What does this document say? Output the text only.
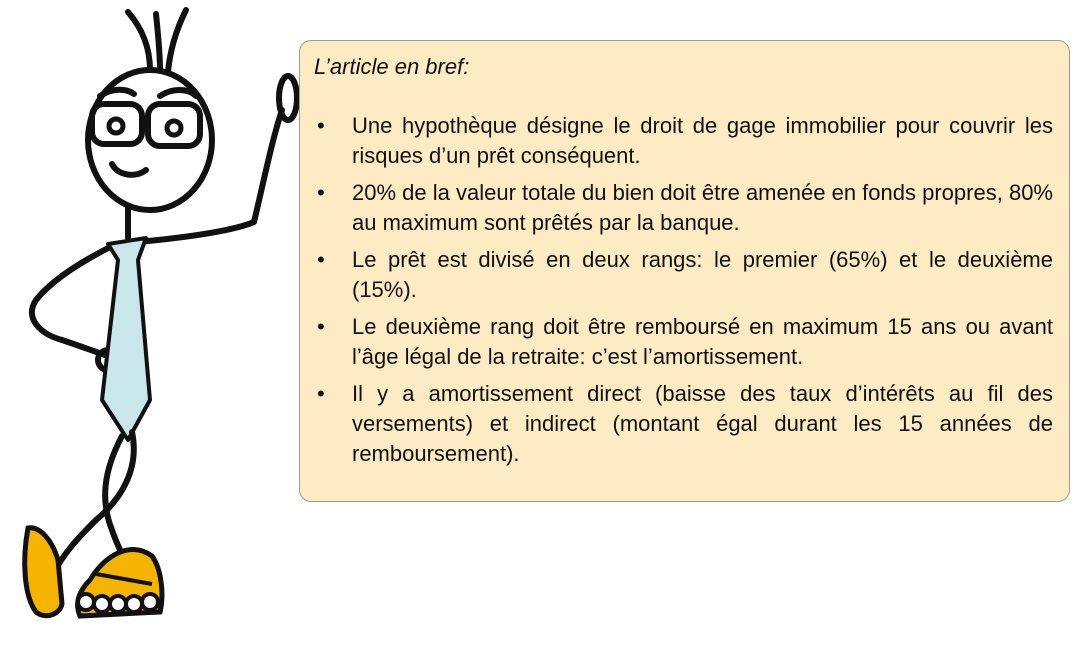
L’article en bref:
• Une hypothèque désigne le droit de gage immobilier pour couvrir les risques d’un prêt conséquent.
• 20% de la valeur totale du bien doit être amenée en fonds propres, 80% au maximum sont prêtés par la banque.
• Le prêt est divisé en deux rangs: le premier (65%) et le deuxième (15%).
• Le deuxième rang doit être remboursé en maximum 15 ans ou avant l’âge légal de la retraite: c’est l’amortissement.
• Il y a amortissement direct (baisse des taux d’intérêts au fil des versements) et indirect (montant égal durant les 15 années de remboursement).
